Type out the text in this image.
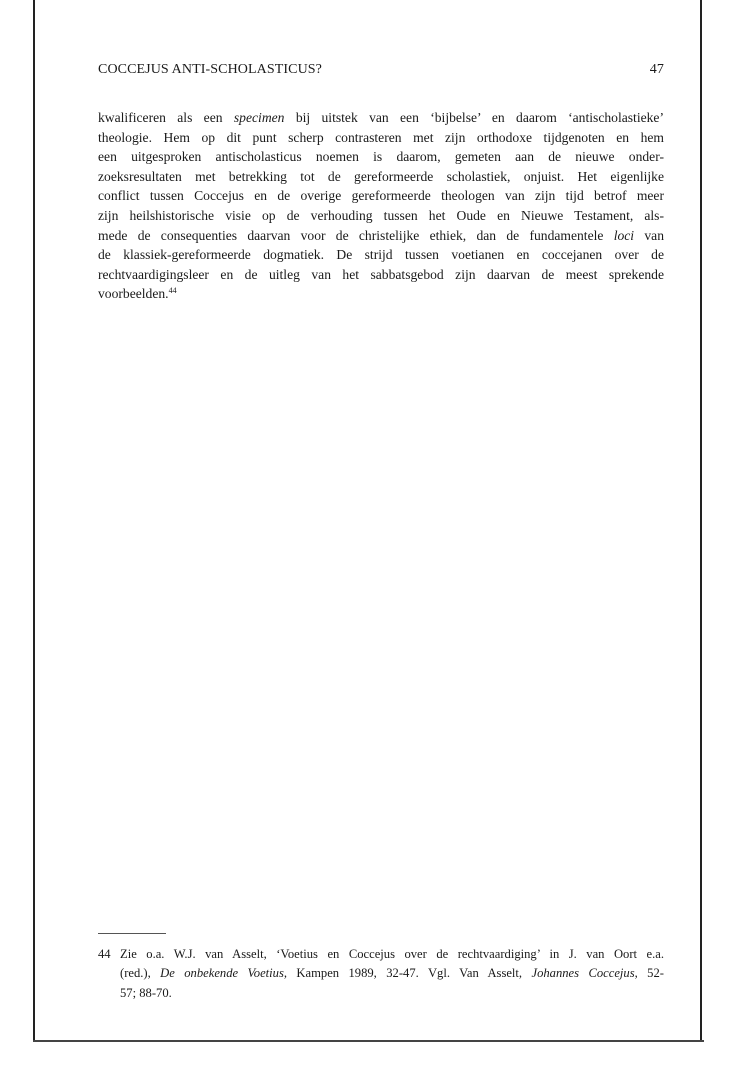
COCCEJUS ANTI-SCHOLASTICUS?	47
kwalificeren als een specimen bij uitstek van een ‘bijbelse’ en daarom ‘antischolastieke’
theologie. Hem op dit punt scherp contrasteren met zijn orthodoxe tijdgenoten en hem
een uitgesproken antischolasticus noemen is daarom, gemeten aan de nieuwe onder-
zoeksresultaten met betrekking tot de gereformeerde scholastiek, onjuist. Het eigenlijke
conflict tussen Coccejus en de overige gereformeerde theologen van zijn tijd betrof meer
zijn heilshistorische visie op de verhouding tussen het Oude en Nieuwe Testament, als-
mede de consequenties daarvan voor de christelijke ethiek, dan de fundamentele loci van
de klassiek-gereformeerde dogmatiek. De strijd tussen voetianen en coccejanen over de
rechtvaardigingsleer en de uitleg van het sabbatsgebod zijn daarvan de meest sprekende
voorbeelden.$^{44}$
44 Zie o.a. W.J. van Asselt, ‘Voetius en Coccejus over de rechtvaardiging’ in J. van Oort e.a.
(red.), De onbekende Voetius, Kampen 1989, 32-47. Vgl. Van Asselt, Johannes Coccejus, 52-
57; 88-70.
